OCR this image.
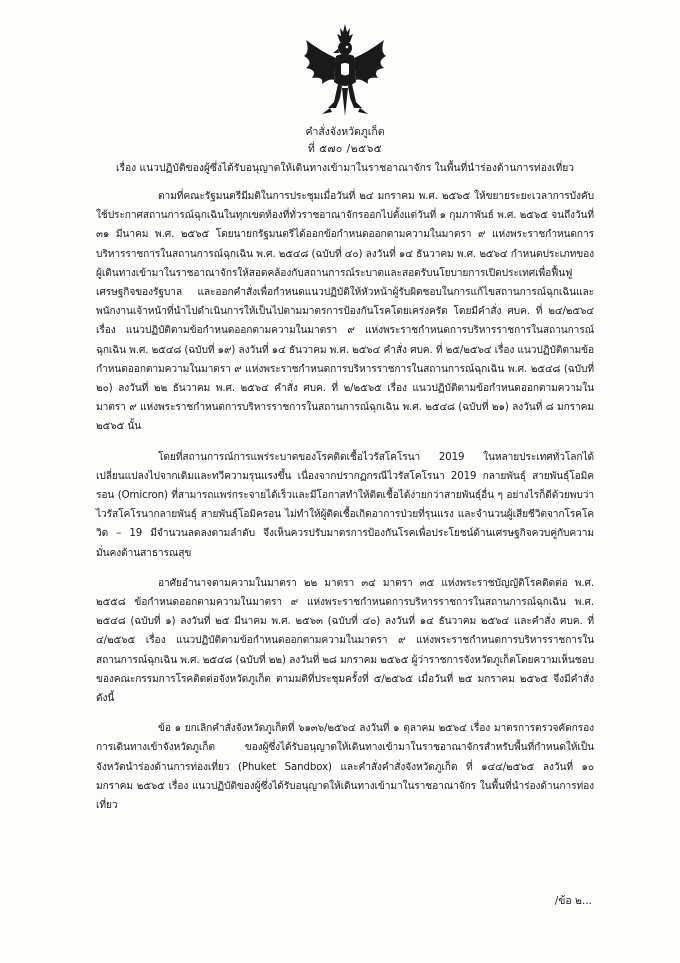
คำสั่งจังหวัดภูเก็ต

ที่ ๕๗๐ /๒๕๖๕

เรื่อง แนวปฏิบัติของผู้ซึ่งได้รับอนุญาตให้เดินทางเข้ามาในราชอาณาจักร ในพื้นที่นำร่องด้านการท่องเที่ยว

ตามที่คณะรัฐมนตรีมีมติในการประชุมเมื่อวันที่ ๒๔ มกราคม พ.ศ. ๒๕๖๕ ให้ขยายระยะเวลาการบังคับใช้ประกาศสถานการณ์ฉุกเฉินในทุกเขตท้องที่ทั่วราชอาณาจักรออกไปตั้งแต่วันที่ ๑ กุมภาพันธ์ พ.ศ. ๒๕๖๕ จนถึงวันที่ ๓๑ มีนาคม พ.ศ. ๒๕๖๕ โดยนายกรัฐมนตรีได้ออกข้อกำหนดออกตามความในมาตรา ๙ แห่งพระราชกำหนดการบริหารราชการในสถานการณ์ฉุกเฉิน พ.ศ. ๒๕๔๘ (ฉบับที่ ๔๐) ลงวันที่ ๑๔ ธันวาคม พ.ศ. ๒๕๖๔ กำหนดประเภทของผู้เดินทางเข้ามาในราชอาณาจักรให้สอดคล้องกับสถานการณ์ระบาดและสอดรับนโยบายการเปิดประเทศเพื่อฟื้นฟูเศรษฐกิจของรัฐบาล และออกคำสั่งเพื่อกำหนดแนวปฏิบัติให้หัวหน้าผู้รับผิดชอบในการแก้ไขสถานการณ์ฉุกเฉินและพนักงานเจ้าหน้าที่นำไปดำเนินการให้เป็นไปตามมาตรการป้องกันโรคโดยเคร่งครัด โดยมีคำสั่ง ศบค. ที่ ๒๔/๒๕๖๔ เรื่อง แนวปฏิบัติตามข้อกำหนดออกตามความในมาตรา ๙ แห่งพระราชกำหนดการบริหารราชการในสถานการณ์ฉุกเฉิน พ.ศ. ๒๕๔๘ (ฉบับที่ ๑๙) ลงวันที่ ๑๔ ธันวาคม พ.ศ. ๒๕๖๔ คำสั่ง ศบค. ที่ ๒๕/๒๕๖๔ เรื่อง แนวปฏิบัติตามข้อกำหนดออกตามความในมาตรา ๙ แห่งพระราชกำหนดการบริหารราชการในสถานการณ์ฉุกเฉิน พ.ศ. ๒๕๔๘ (ฉบับที่ ๒๐) ลงวันที่ ๒๒ ธันวาคม พ.ศ. ๒๕๖๔ คำสั่ง ศบค. ที่ ๒/๒๕๖๕ เรื่อง แนวปฏิบัติตามข้อกำหนดออกตามความในมาตรา ๙ แห่งพระราชกำหนดการบริหารราชการในสถานการณ์ฉุกเฉิน พ.ศ. ๒๕๔๘ (ฉบับที่ ๒๑) ลงวันที่ ๘ มกราคม ๒๕๖๕ นั้น

โดยที่สถานการณ์การแพร่ระบาดของโรคติดเชื้อไวรัสโคโรนา 2019 ในหลายประเทศทั่วโลกได้เปลี่ยนแปลงไปจากเดิมและทวีความรุนแรงขึ้น เนื่องจากปรากฏกรณีไวรัสโคโรนา 2019 กลายพันธุ์ สายพันธุ์โอมิครอน (Omicron) ที่สามารถแพร่กระจายได้เร็วและมีโอกาสทำให้ติดเชื้อได้ง่ายกว่าสายพันธุ์อื่น ๆ อย่างไรก็ดีด้วยพบว่าไวรัสโคโรนากลายพันธุ์ สายพันธุ์โอมิครอน ไม่ทำให้ผู้ติดเชื้อเกิดอาการป่วยที่รุนแรง และจำนวนผู้เสียชีวิตจากโรคโควิด – 19 มีจำนวนลดลงตามลำดับ จึงเห็นควรปรับมาตรการป้องกันโรคเพื่อประโยชน์ด้านเศรษฐกิจควบคู่กับความมั่นคงด้านสาธารณสุข

อาศัยอำนาจตามความในมาตรา ๒๒ มาตรา ๓๔ มาตรา ๓๕ แห่งพระราชบัญญัติโรคติดต่อ พ.ศ. ๒๕๕๘ ข้อกำหนดออกตามความในมาตรา ๙ แห่งพระราชกำหนดการบริหารราชการในสถานการณ์ฉุกเฉิน พ.ศ. ๒๕๔๘ (ฉบับที่ ๑) ลงวันที่ ๒๕ มีนาคม พ.ศ. ๒๕๖๓ (ฉบับที่ ๔๐) ลงวันที่ ๑๔ ธันวาคม ๒๕๖๔ และคำสั่ง ศบค. ที่ ๔/๒๕๖๕ เรื่อง แนวปฏิบัติตามข้อกำหนดออกตามความในมาตรา ๙ แห่งพระราชกำหนดการบริหารราชการในสถานการณ์ฉุกเฉิน พ.ศ. ๒๕๔๘ (ฉบับที่ ๒๒) ลงวันที่ ๒๘ มกราคม ๒๕๖๕ ผู้ว่าราชการจังหวัดภูเก็ตโดยความเห็นชอบของคณะกรรมการโรคติดต่อจังหวัดภูเก็ต ตามมติที่ประชุมครั้งที่ ๕/๒๕๖๕ เมื่อวันที่ ๒๕ มกราคม ๒๕๖๕ จึงมีคำสั่ง ดังนี้

ข้อ ๑ ยกเลิกคำสั่งจังหวัดภูเก็ตที่ ๖๑๓๖/๒๕๖๔ ลงวันที่ ๑ ตุลาคม ๒๕๖๔ เรื่อง มาตรการตรวจคัดกรองการเดินทางเข้าจังหวัดภูเก็ต ของผู้ซึ่งได้รับอนุญาตให้เดินทางเข้ามาในราชอาณาจักรสำหรับพื้นที่กำหนดให้เป็นจังหวัดนำร่องด้านการท่องเที่ยว (Phuket Sandbox) และคำสั่งคำสั่งจังหวัดภูเก็ต ที่ ๑๔๔/๒๕๖๕ ลงวันที่ ๑๐ มกราคม ๒๕๖๕ เรื่อง แนวปฏิบัติของผู้ซึ่งได้รับอนุญาตให้เดินทางเข้ามาในราชอาณาจักร ในพื้นที่นำร่องด้านการท่องเที่ยว

/ข้อ ๒...
